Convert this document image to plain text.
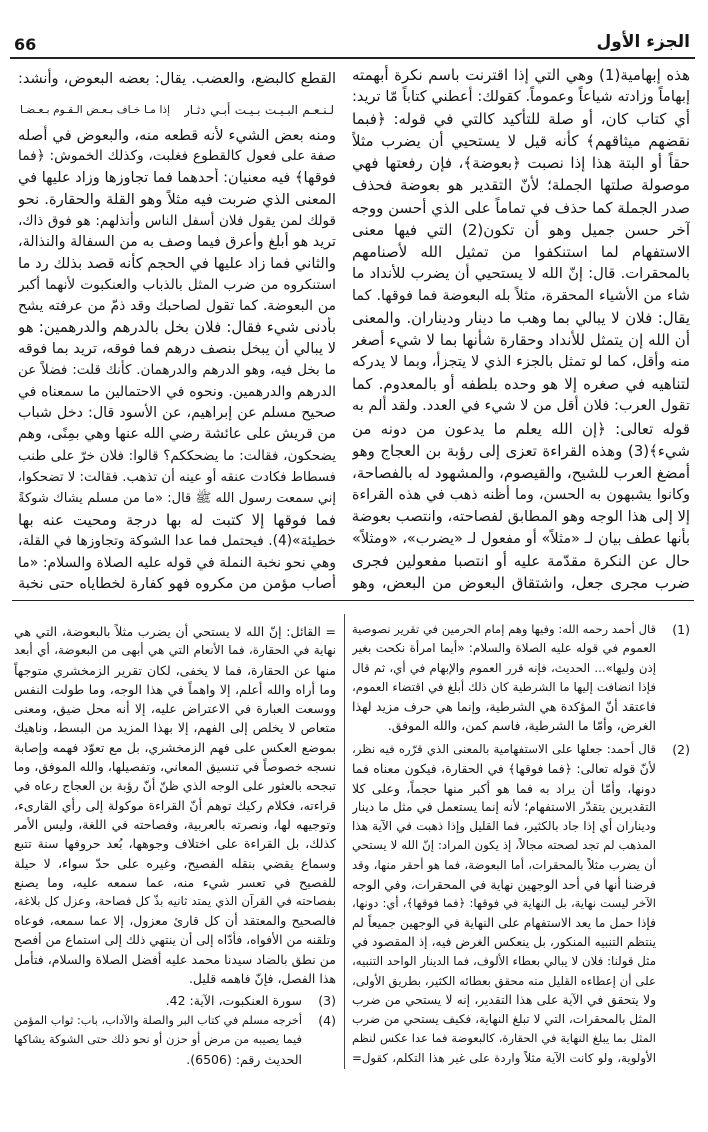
66	الجزء الأول
هذه إبهامية(1) وهي التي إذا اقترنت باسم نكرة أبهمته
إبهاماً وزادته شياعاً وعموماً. كقولك: أعطني كتاباً مّا تريد:
أي كتاب كان، أو صلة للتأكيد كالتي في قوله: ﴿فبما
نقضهم ميثاقهم﴾ كأنه قيل لا يستحيي أن يضرب مثلاً
حقاً أو البتة هذا إذا نصبت ﴿بعوضة﴾، فإن رفعتها فهي
موصولة صلتها الجملة؛ لأنّ التقدير هو بعوضة فحذف
صدر الجملة كما حذف في تماماً على الذي أحسن ووجه
آخر حسن جميل وهو أن تكون(2) التي فيها معنى
الاستفهام لما استنكفوا من تمثيل الله لأصنامهم
بالمحقرات. قال: إنّ الله لا يستحيي أن يضرب للأنداد ما
شاء من الأشياء المحقرة، مثلاً بله البعوضة فما فوقها. كما
يقال: فلان لا يبالي بما وهب ما دينار وديناران. والمعنى
أن الله إن يتمثل للأنداد وحقارة شأنها بما لا شيء أصغر
منه وأقل، كما لو تمثل بالجزء الذي لا يتجزأ، وبما لا يدركه
لتناهيه في صغره إلا هو وحده بلطفه أو بالمعدوم. كما
تقول العرب: فلان أقل من لا شيء في العدد. ولقد ألم به
قوله تعالى: ﴿إن الله يعلم ما يدعون من دونه من
شيء﴾(3) وهذه القراءة تعزى إلى رؤبة بن العجاج وهو
أمضغ العرب للشيح، والقيصوم، والمشهود له بالفصاحة،
وكانوا يشبهون به الحسن، وما أظنه ذهب في هذه القراءة
إلا إلى هذا الوجه وهو المطابق لفصاحته، وانتصب بعوضة
بأنها عطف بيان لـ «مثلاً» أو مفعول لـ «يضرب»، «ومثلاً»
حال عن النكرة مقدّمة عليه أو انتصبا مفعولين فجرى
ضرب مجرى جعل، واشتقاق البعوض من البعض، وهو
القطع كالبضع، والعضب. يقال: بعضه البعوض، وأنشد:
لـنـعـم البـيـت بـيـت أبـي دثـار
إذا مـا خـاف بـعـض الـقـوم بـعـضـا
ومنه بعض الشيء لأنه قطعه منه، والبعوض في أصله
صفة على فعول كالقطوع فغلبت، وكذلك الخموش: ﴿فما
فوقها﴾ فيه معنيان: أحدهما فما تجاوزها وزاد عليها في
المعنى الذي ضربت فيه مثلاً وهو القلة والحقارة. نحو
قولك لمن يقول فلان أسفل الناس وأنذلهم: هو فوق ذاك،
تريد هو أبلغ وأعرق فيما وصف به من السفالة والنذالة،
والثاني فما زاد عليها في الحجم كأنه قصد بذلك رد ما
استنكروه من ضرب المثل بالذباب والعنكبوت لأنهما أكبر
من البعوضة. كما تقول لصاحبك وقد ذمّ من عرفته يشح
بأدنى شيء فقال: فلان بخل بالدرهم والدرهمين: هو
لا يبالي أن يبخل بنصف درهم فما فوقه، تريد بما فوقه
ما بخل فيه، وهو الدرهم والدرهمان. كأنك قلت: فضلاً عن
الدرهم والدرهمين. ونحوه في الاحتمالين ما سمعناه في
صحيح مسلم عن إبراهيم، عن الأسود قال: دخل شباب
من قريش على عائشة رضي الله عنها وهي بمِنًى، وهم
يضحكون، فقالت: ما يضحككم؟ قالوا: فلان خرّ على طنب
فسطاط فكادت عنقه أو عينه أن تذهب. فقالت: لا تضحكوا،
إني سمعت رسول الله ﷺ قال: «ما من مسلم يشاك شوكةً
فما فوقها إلا كتبت له بها درجة ومحيت عنه بها
خطيئة»(4). فيحتمل فما عدا الشوكة وتجاوزها في القلة،
وهي نحو نخبة النملة في قوله عليه الصلاة والسلام: «ما
أصاب مؤمن من مكروه فهو كفارة لخطاياه حتى نخبة
(1)
قال أحمد رحمه الله: وفيها وهم إمام الحرمين في تقرير نصوصية
العموم في قوله عليه الصلاة والسلام: «أيما امرأة نكحت بغير
إذن وليها»... الحديث، فإنه قرر العموم والإبهام في أي، ثم قال
فإذا انضافت إليها ما الشرطية كان ذلك أبلغ في اقتضاء العموم،
فاعتقد أنّ المؤكدة هي الشرطية، وإنما هي حرف مزيد لهذا
الغرض، وأمّا ما الشرطية، فاسم كمن، والله الموفق.
(2)
قال أحمد: جعلها على الاستفهامية بالمعنى الذي قرّره فيه نظر،
لأنّ قوله تعالى: ﴿فما فوقها﴾ في الحقارة، فيكون معناه فما
دونها، وأمّا أن يراد به فما هو أكبر منها حجماً، وعلى كلا
التقديرين يتقدّر الاستفهام؛ لأنه إنما يستعمل في مثل ما دينار
وديناران أي إذا جاد بالكثير، فما القليل وإذا ذهبت في الآية هذا
المذهب لم تجد لصحته مجالاً، إذ يكون المراد: إنّ الله لا يستحي
أن يضرب مثلاً بالمحقرات، أما البعوضة، فما هو أحقر منها، وقد
فرضنا أنها في أحد الوجهين نهاية في المحقرات، وفي الوجه
الآخر ليست نهاية، بل النهاية في فوقها: ﴿فما فوقها﴾، أي: دونها،
فإذا حمل ما يعد الاستفهام على النهاية في الوجهين جميعاً لم
ينتظم التنبيه المنكور، بل ينعكس الغرض فيه، إذ المقصود في
مثل قولنا: فلان لا يبالي بعطاء الألوف، فما الدينار الواحد التنبيه،
على أن إعطاءه القليل منه محقق بعطائه الكثير، بطريق الأولى،
ولا يتحقق في الآية على هذا التقدير، إنه لا يستحي من ضرب
المثل بالمحقرات، التي لا تبلغ النهاية، فكيف يستحي من ضرب
المثل بما يبلغ النهاية في الحقارة، كالبعوضة فما عدا عكس لنظم
الأولوية، ولو كانت الآية مثلاً واردة على غير هذا التكلم، كقول=
= القائل: إنّ الله لا يستحي أن يضرب مثلاً بالبعوضة، التي هي
نهاية في الحقارة، فما الأنعام التي هي أبهى من البعوضة، أي أبعد
منها عن الحقارة، فما لا يخفى، لكان تقرير الزمخشري متوجهاً
وما أراه والله أعلم، إلا واهماً في هذا الوجه، وما طولت النفس
ووسعت العبارة في الاعتراض عليه، إلا أنه محل ضيق، ومعنى
متعاص لا يخلص إلى الفهم، إلا بهذا المزيد من البسط، وناهيك
بموضع العكس على فهم الزمخشري، بل مع تعوّد فهمه وإصابة
نسجه خصوصاً في تنسيق المعاني، وتفصيلها، والله الموفق، وما
تبجحه بالعثور على الوجه الذي ظنّ أنّ رؤبة بن العجاج رعاه في
قراءته، فكلام ركيك توهم أنّ القراءة موكولة إلى رأي القارىء،
وتوجيهه لها، ونصرته بالعربية، وفصاحته في اللغة، وليس الأمر
كذلك، بل القراءة على اختلاف وجوهها، بُعد حروفها سنة تتبع
وسماع يقضي بنقله الفصيح، وغيره على حدّ سواء، لا حيلة
للفصيح في تعسر شيء منه، عما سمعه عليه، وما يصنع
بفصاحته في القرآن الذي يمتد ثانيه بذّ كل فصاحة، وعزل كل بلاغة،
فالصحيح والمعتقد أن كل قارئ معزول، إلا عما سمعه، فوعاه
وتلقنه من الأفواه، فأدّاه إلى أن ينتهي ذلك إلى استماع من أفصح
من نطق بالضاد سيدنا محمد عليه أفضل الصلاة والسلام، فتأمل
هذا الفصل، فإنّ فاهمه قليل.
(3)
سورة العنكبوت، الآية: 42.
(4)
أخرجه مسلم في كتاب البر والصلة والآداب، باب: ثواب المؤمن
فيما يصيبه من مرض أو حزن أو نحو ذلك حتى الشوكة يشاكها
الحديث رقم: (6506).
